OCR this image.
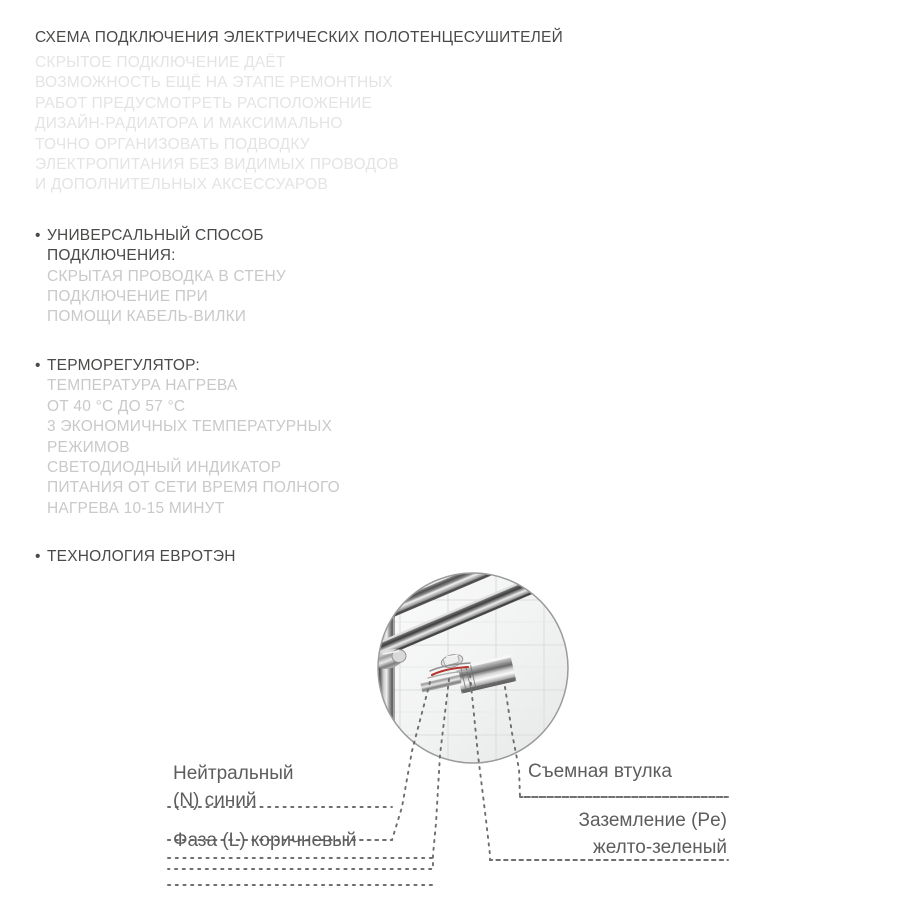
СХЕМА ПОДКЛЮЧЕНИЯ ЭЛЕКТРИЧЕСКИХ ПОЛОТЕНЦЕСУШИТЕЛЕЙ
СКРЫТОЕ ПОДКЛЮЧЕНИЕ ДАЁТ
ВОЗМОЖНОСТЬ ЕЩЁ НА ЭТАПЕ РЕМОНТНЫХ
РАБОТ ПРЕДУСМОТРЕТЬ РАСПОЛОЖЕНИЕ
ДИЗАЙН-РАДИАТОРА И МАКСИМАЛЬНО
ТОЧНО ОРГАНИЗОВАТЬ ПОДВОДКУ
ЭЛЕКТРОПИТАНИЯ БЕЗ ВИДИМЫХ ПРОВОДОВ
И ДОПОЛНИТЕЛЬНЫХ АКСЕССУАРОВ
•
УНИВЕРСАЛЬНЫЙ СПОСОБ
ПОДКЛЮЧЕНИЯ:
СКРЫТАЯ ПРОВОДКА В СТЕНУ
ПОДКЛЮЧЕНИЕ ПРИ
ПОМОЩИ КАБЕЛЬ-ВИЛКИ
•
ТЕРМОРЕГУЛЯТОР:
ТЕМПЕРАТУРА НАГРЕВА
ОТ 40 °С ДО 57 °С
3 ЭКОНОМИЧНЫХ ТЕМПЕРАТУРНЫХ
РЕЖИМОВ
СВЕТОДИОДНЫЙ ИНДИКАТОР
ПИТАНИЯ ОТ СЕТИ ВРЕМЯ ПОЛНОГО
НАГРЕВА 10-15 МИНУТ
•
ТЕХНОЛОГИЯ ЕВРОТЭН
Нейтральный
(N) синий
Фаза (L) коричневый
Съемная втулка
Заземление (Pe)
желто-зеленый
